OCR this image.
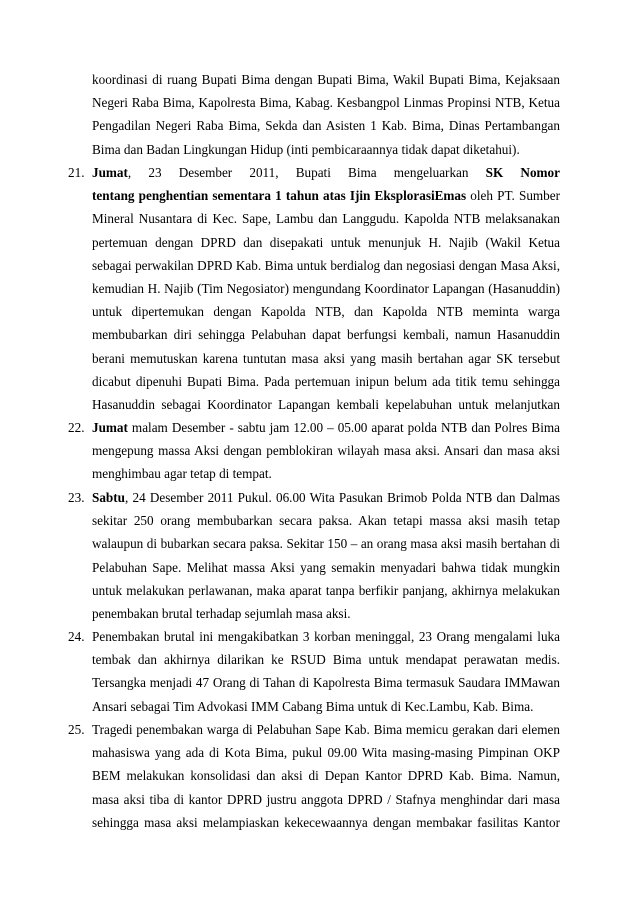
koordinasi di ruang Bupati Bima dengan Bupati Bima, Wakil Bupati Bima, Kejaksaan
Negeri Raba Bima, Kapolresta Bima, Kabag. Kesbangpol Linmas Propinsi NTB, Ketua
Pengadilan Negeri Raba Bima, Sekda dan Asisten 1 Kab. Bima, Dinas Pertambangan
Bima dan Badan Lingkungan Hidup (inti pembicaraannya tidak dapat diketahui).
21. Jumat, 23 Desember 2011, Bupati Bima mengeluarkan SK Nomor
tentang penghentian sementara 1 tahun atas Ijin EksplorasiEmas oleh PT. Sumber
Mineral Nusantara di Kec. Sape, Lambu dan Langgudu. Kapolda NTB melaksanakan
pertemuan dengan DPRD dan disepakati untuk menunjuk H. Najib (Wakil Ketua
sebagai perwakilan DPRD Kab. Bima untuk berdialog dan negosiasi dengan Masa Aksi,
kemudian H. Najib (Tim Negosiator) mengundang Koordinator Lapangan (Hasanuddin)
untuk dipertemukan dengan Kapolda NTB, dan Kapolda NTB meminta warga
membubarkan diri sehingga Pelabuhan dapat berfungsi kembali, namun Hasanuddin
berani memutuskan karena tuntutan masa aksi yang masih bertahan agar SK tersebut
dicabut dipenuhi Bupati Bima. Pada pertemuan inipun belum ada titik temu sehingga
Hasanuddin sebagai Koordinator Lapangan kembali kepelabuhan untuk melanjutkan
22. Jumat malam Desember - sabtu jam 12.00 – 05.00 aparat polda NTB dan Polres Bima
mengepung massa Aksi dengan pemblokiran wilayah masa aksi. Ansari dan masa aksi
menghimbau agar tetap di tempat.
23. Sabtu, 24 Desember 2011 Pukul. 06.00 Wita Pasukan Brimob Polda NTB dan Dalmas
sekitar 250 orang membubarkan secara paksa. Akan tetapi massa aksi masih tetap
walaupun di bubarkan secara paksa. Sekitar 150 – an orang masa aksi masih bertahan di
Pelabuhan Sape. Melihat massa Aksi yang semakin menyadari bahwa tidak mungkin
untuk melakukan perlawanan, maka aparat tanpa berfikir panjang, akhirnya melakukan
penembakan brutal terhadap sejumlah masa aksi.
24. Penembakan brutal ini mengakibatkan 3 korban meninggal, 23 Orang mengalami luka
tembak dan akhirnya dilarikan ke RSUD Bima untuk mendapat perawatan medis.
Tersangka menjadi 47 Orang di Tahan di Kapolresta Bima termasuk Saudara IMMawan
Ansari sebagai Tim Advokasi IMM Cabang Bima untuk di Kec.Lambu, Kab. Bima.
25. Tragedi penembakan warga di Pelabuhan Sape Kab. Bima memicu gerakan dari elemen
mahasiswa yang ada di Kota Bima, pukul 09.00 Wita masing-masing Pimpinan OKP
BEM melakukan konsolidasi dan aksi di Depan Kantor DPRD Kab. Bima. Namun,
masa aksi tiba di kantor DPRD justru anggota DPRD / Stafnya menghindar dari masa
sehingga masa aksi melampiaskan kekecewaannya dengan membakar fasilitas Kantor
